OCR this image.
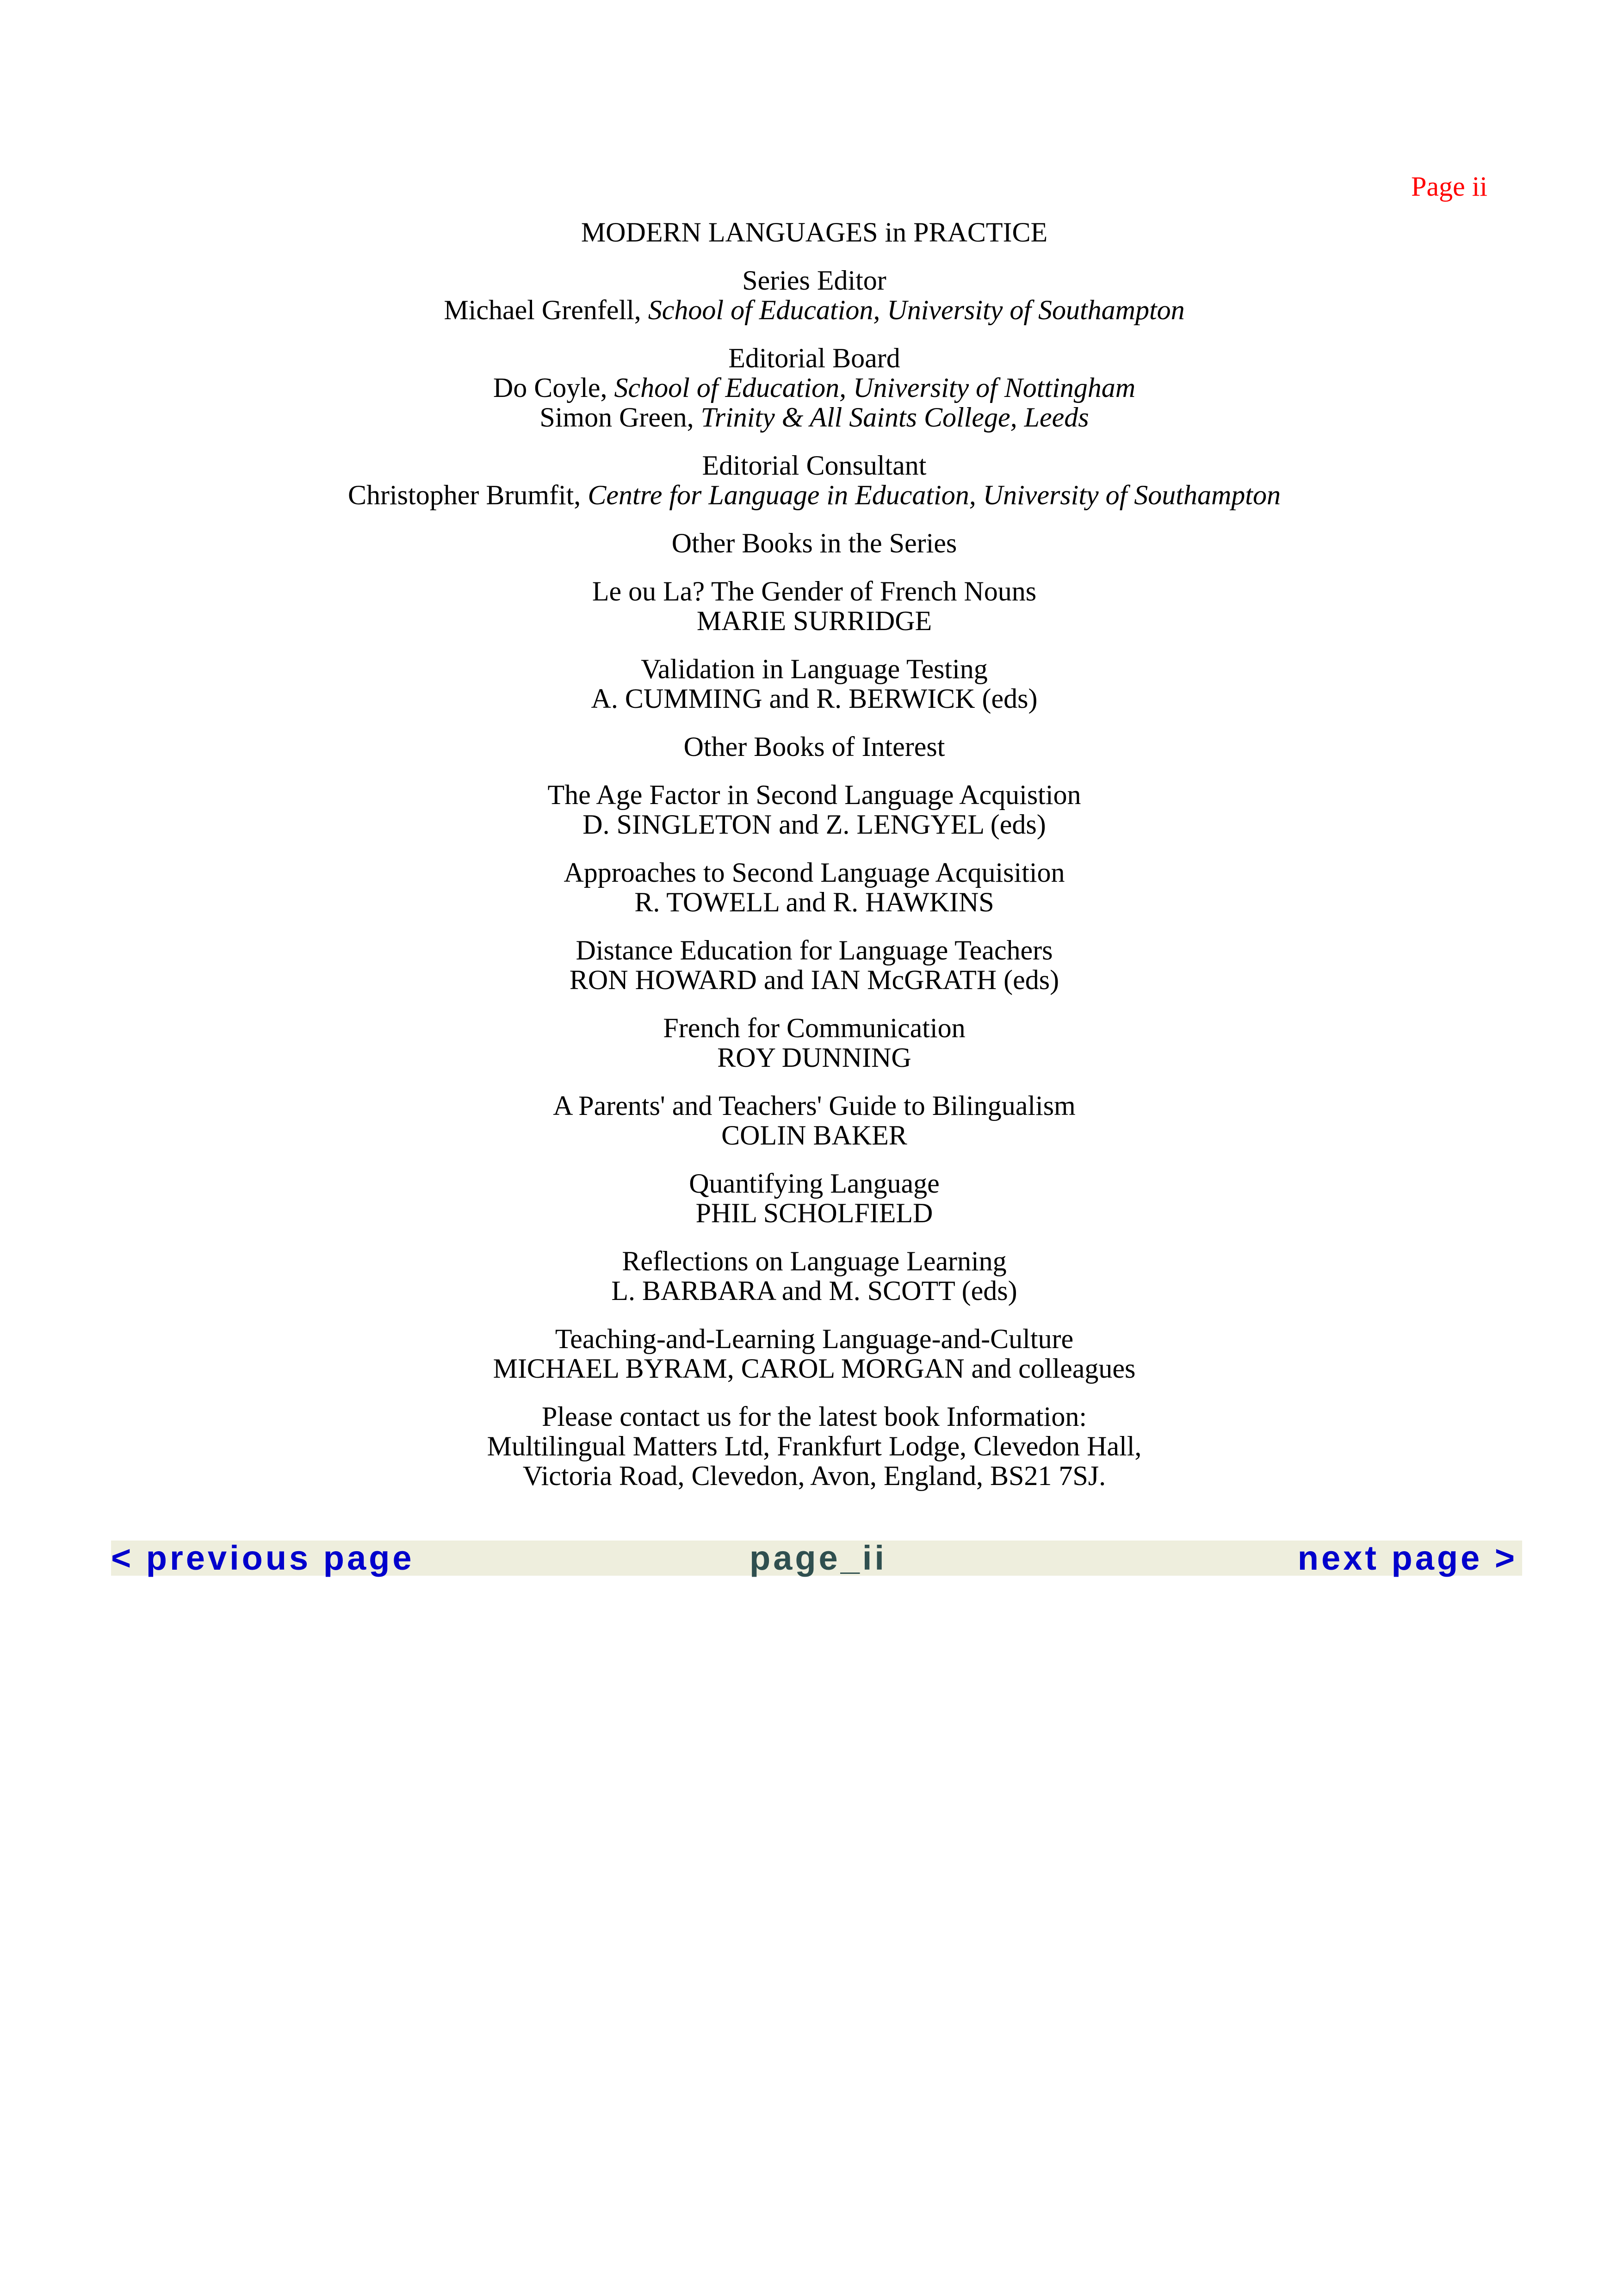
Page ii

MODERN LANGUAGES in PRACTICE
Series Editor
Michael Grenfell, School of Education, University of Southampton
Editorial Board
Do Coyle, School of Education, University of Nottingham
Simon Green, Trinity & All Saints College, Leeds
Editorial Consultant
Christopher Brumfit, Centre for Language in Education, University of Southampton
Other Books in the Series
Le ou La? The Gender of French Nouns
MARIE SURRIDGE
Validation in Language Testing
A. CUMMING and R. BERWICK (eds)
Other Books of Interest
The Age Factor in Second Language Acquistion
D. SINGLETON and Z. LENGYEL (eds)
Approaches to Second Language Acquisition
R. TOWELL and R. HAWKINS
Distance Education for Language Teachers
RON HOWARD and IAN McGRATH (eds)
French for Communication
ROY DUNNING
A Parents' and Teachers' Guide to Bilingualism
COLIN BAKER
Quantifying Language
PHIL SCHOLFIELD
Reflections on Language Learning
L. BARBARA and M. SCOTT (eds)
Teaching-and-Learning Language-and-Culture
MICHAEL BYRAM, CAROL MORGAN and colleagues
Please contact us for the latest book Information:
Multilingual Matters Ltd, Frankfurt Lodge, Clevedon Hall,
Victoria Road, Clevedon, Avon, England, BS21 7SJ.
< previous page	page_ii	next page >
